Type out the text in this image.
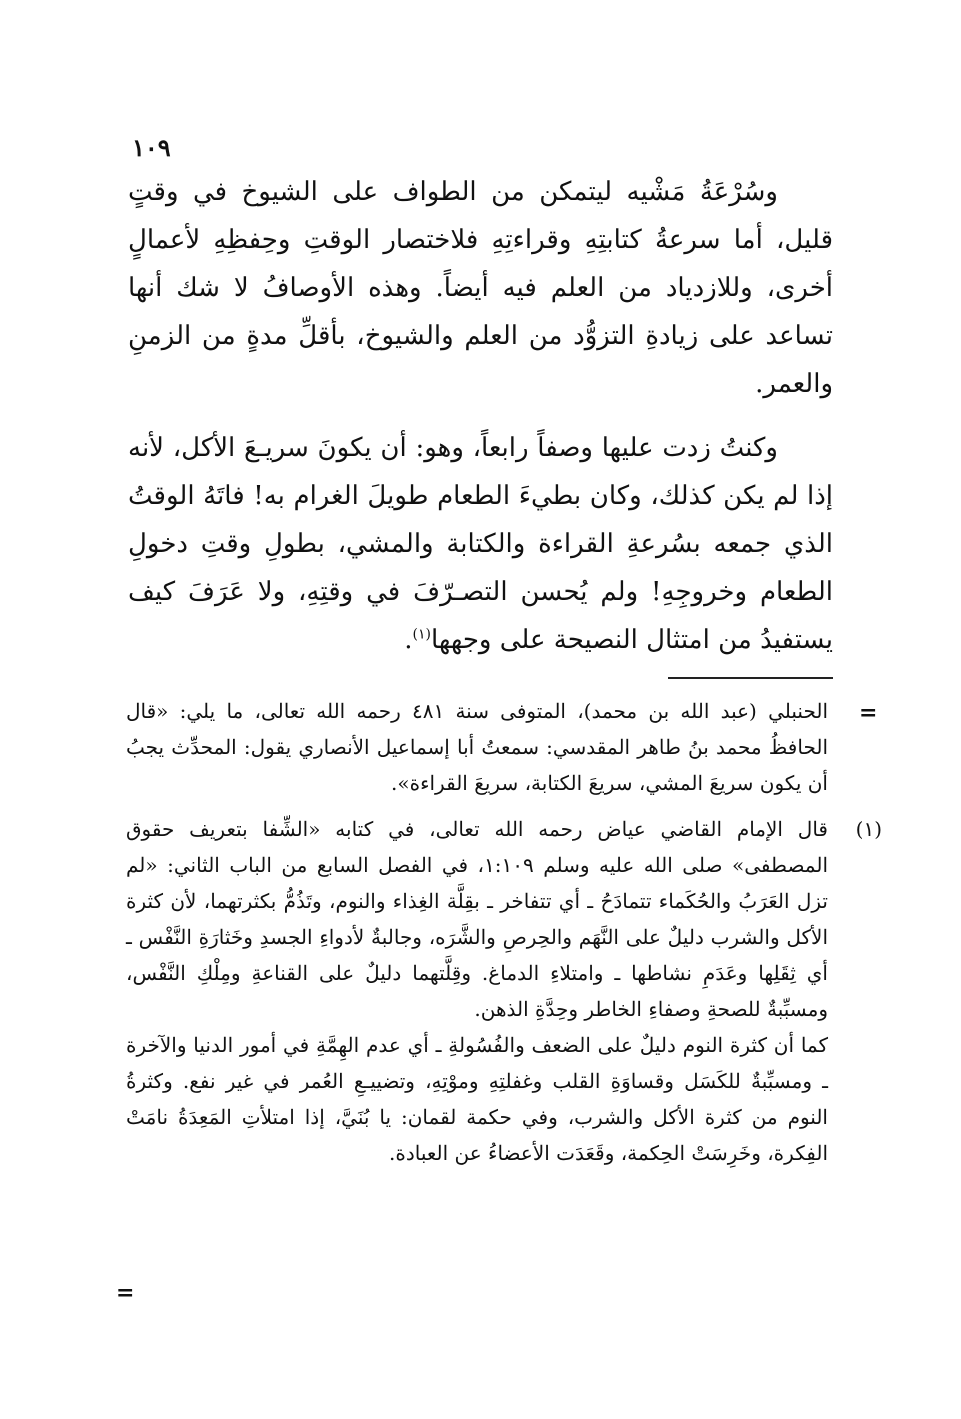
١٠٩

وسُرْعَةُ مَشْيه ليتمكن من الطواف على الشيوخ في وقتٍ قليل، أما سرعةُ كتابتِهِ وقراءتِهِ فلاختصار الوقتِ وحِفظِهِ لأعمالٍ أخرى، وللازدياد من العلم فيه أيضاً. وهذه الأوصافُ لا شك أنها تساعد على زيادةِ التزوُّد من العلم والشيوخ، بأقلِّ مدةٍ من الزمنِ والعمر.

وكنتُ زدت عليها وصفاً رابعاً، وهو: أن يكونَ سريـعَ الأكل، لأنه إذا لم يكن كذلك، وكان بطيءَ الطعام طويلَ الغرام به! فاتَهُ الوقتُ الذي جمعه بسُرعةِ القراءة والكتابة والمشي، بطولِ وقتِ دخولِ الطعام وخروجِهِ! ولم يُحسن التصـرّفَ في وقتِهِ، ولا عَرَفَ كيف يستفيدُ من امتثال النصيحة على وجهها$^{(١)}$.

=

الحنبلي (عبد الله بن محمد)، المتوفى سنة ٤٨١ رحمه الله تعالى، ما يلي: «قال الحافظُ محمد بنُ طاهر المقدسي: سمعتُ أبا إسماعيل الأنصاري يقول: المحدِّث يجبُ أن يكون سريعَ المشي، سريعَ الكتابة، سريعَ القراءة».

(١)

قال الإمام القاضي عياض رحمه الله تعالى، في كتابه «الشِّفا بتعريف حقوق المصطفى» صلى الله عليه وسلم ١:١٠٩، في الفصل السابع من الباب الثاني: «لم تزل العَرَبُ والحُكَماء تتمادَحُ ـ أي تتفاخر ـ بقِلَّة الغِذاء والنوم، وتَذُمُّ بكثرتهما، لأن كثرة الأكل والشرب دليلٌ على النَّهَم والحِرصِ والشَّرَه، وجالبةٌ لأدواءِ الجسدِ وخَثارَةِ النَّفْس ـ أي ثِقَلِها وعَدَمِ نشاطها ـ وامتلاءِ الدماغ. وقِلَّتهما دليلٌ على القناعةِ ومِلْكِ النَّفْس، ومسبِّبةٌ للصحةِ وصفاءِ الخاطر وحِدَّةِ الذهن.

كما أن كثرة النوم دليلٌ على الضعف والفُسُولةِ ـ أي عدم الهِمَّةِ في أمور الدنيا والآخرة ـ ومسبِّبةٌ للكَسَل وقساوَةِ القلب وغفلتِهِ وموْتِهِ، وتضييـعِ العُمر في غير نفع. وكثرةُ النوم من كثرة الأكل والشرب، وفي حكمة لقمان: يا بُنَيَّ، إذا امتلأتِ المَعِدَةُ نامَتْ الفِكرة، وخَرِسَتْ الحِكمة، وقَعَدَت الأعضاءُ عن العبادة.

=
